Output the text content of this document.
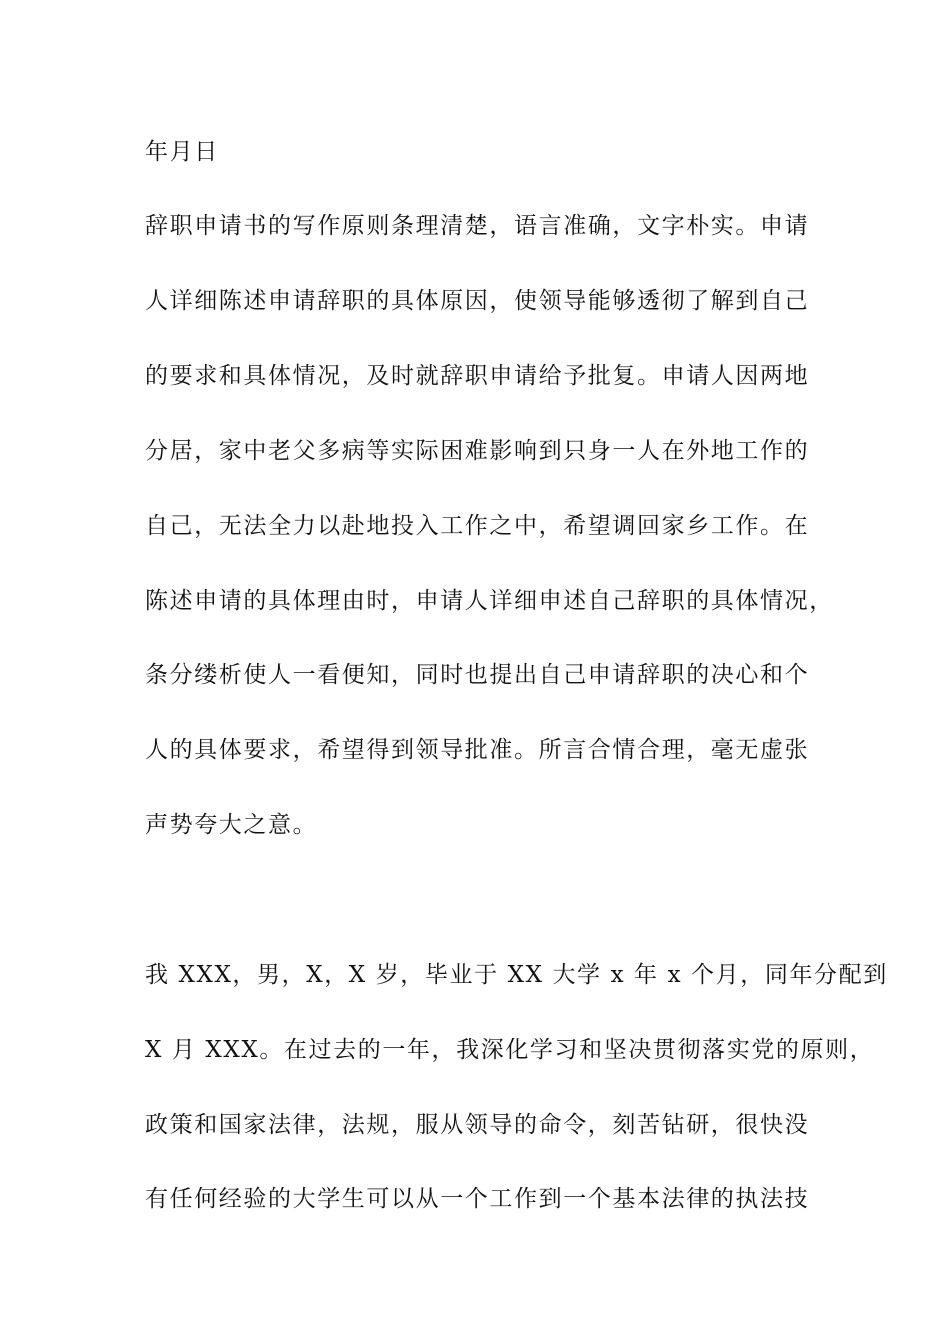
年月日

辞职申请书的写作原则条理清楚，语言准确，文字朴实。申请

人详细陈述申请辞职的具体原因，使领导能够透彻了解到自己

的要求和具体情况，及时就辞职申请给予批复。申请人因两地

分居，家中老父多病等实际困难影响到只身一人在外地工作的

自己，无法全力以赴地投入工作之中，希望调回家乡工作。在

陈述申请的具体理由时，申请人详细申述自己辞职的具体情况，

条分缕析使人一看便知，同时也提出自己申请辞职的决心和个

人的具体要求，希望得到领导批准。所言合情合理，毫无虚张

声势夸大之意。

我 XXX，男，X，X 岁，毕业于 XX 大学 x 年 x 个月，同年分配到

X 月 XXX。在过去的一年，我深化学习和坚决贯彻落实党的原则，

政策和国家法律，法规，服从领导的命令，刻苦钻研，很快没

有任何经验的大学生可以从一个工作到一个基本法律的执法技
